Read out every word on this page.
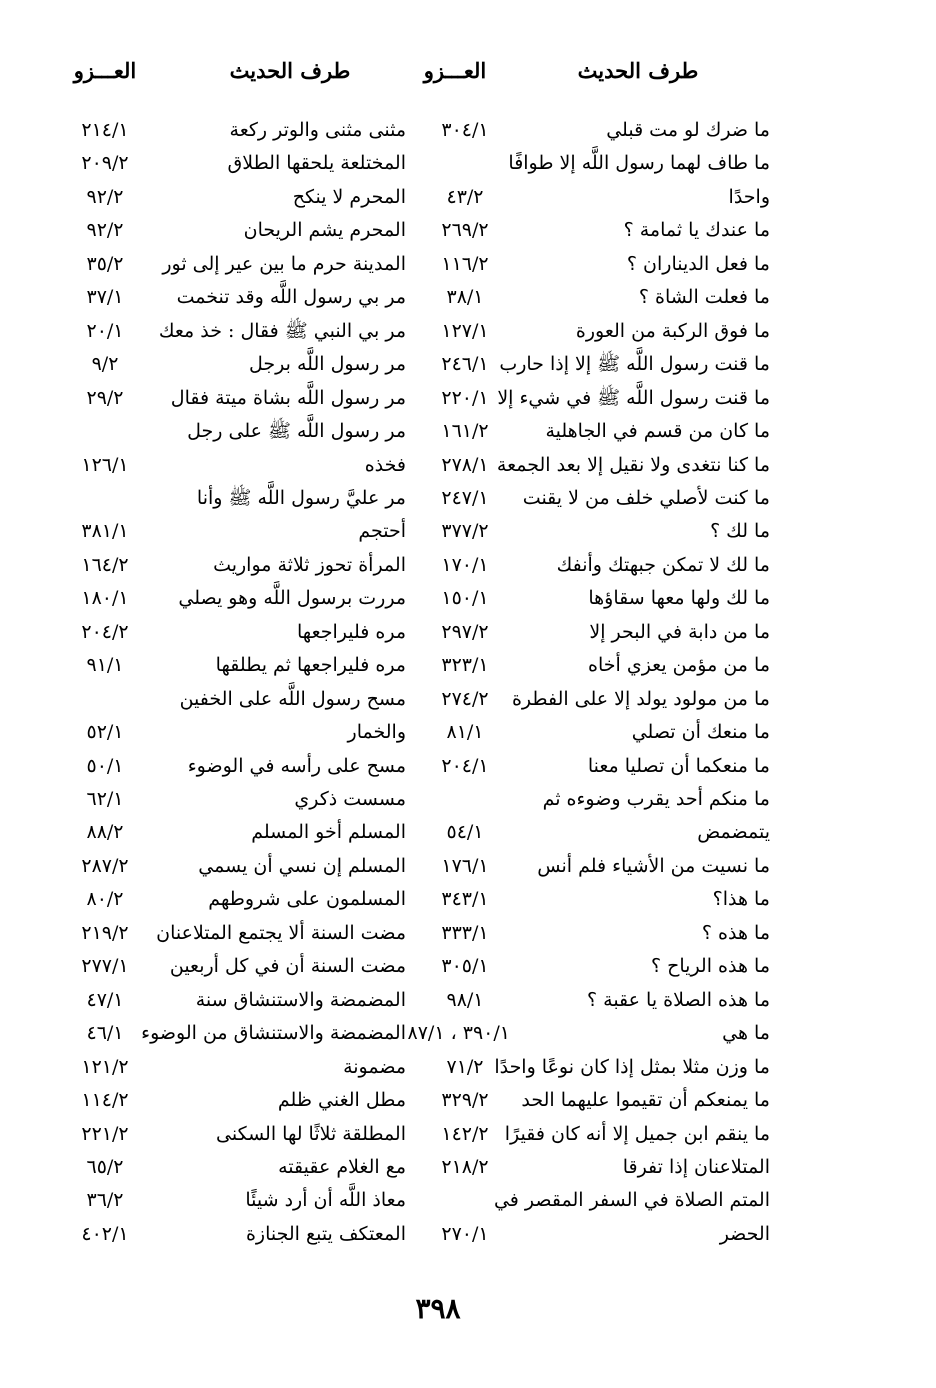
طرف الحديث
العـــزو
طرف الحديث
العـــزو
ما ضرك لو مت قبلي
٣٠٤/١
مثنى مثنى والوتر ركعة
٢١٤/١
ما طاف لهما رسول اللَّه إلا طوافًا
المختلعة يلحقها الطلاق
٢٠٩/٢
واحدًا
٤٣/٢
المحرم لا ينكح
٩٢/٢
ما عندك يا ثمامة ؟
٢٦٩/٢
المحرم يشم الريحان
٩٢/٢
ما فعل الديناران ؟
١١٦/٢
المدينة حرم ما بين عير إلى ثور
٣٥/٢
ما فعلت الشاة ؟
٣٨/١
مر بي رسول اللَّه وقد تنخمت
٣٧/١
ما فوق الركبة من العورة
١٢٧/١
مر بي النبي ﷺ فقال : خذ معك
٢٠/١
ما قنت رسول اللَّه ﷺ إلا إذا حارب
٢٤٦/١
مر رسول اللَّه برجل
٩/٢
ما قنت رسول اللَّه ﷺ في شيء إلا
٢٢٠/١
مر رسول اللَّه بشاة ميتة فقال
٢٩/٢
ما كان من قسم في الجاهلية
١٦١/٢
مر رسول اللَّه ﷺ على رجل
ما كنا نتغدى ولا نقيل إلا بعد الجمعة
٢٧٨/١
فخذه
١٢٦/١
ما كنت لأصلي خلف من لا يقنت
٢٤٧/١
مر عليَّ رسول اللَّه ﷺ وأنا
ما لك ؟
٣٧٧/٢
أحتجم
٣٨١/١
ما لك لا تمكن جبهتك وأنفك
١٧٠/١
المرأة تحوز ثلاثة مواريث
١٦٤/٢
ما لك ولها معها سقاؤها
١٥٠/١
مررت برسول اللَّه وهو يصلي
١٨٠/١
ما من دابة في البحر إلا
٢٩٧/٢
مره فليراجعها
٢٠٤/٢
ما من مؤمن يعزي أخاه
٣٢٣/١
مره فليراجعها ثم يطلقها
٩١/١
ما من مولود يولد إلا على الفطرة
٢٧٤/٢
مسح رسول اللَّه على الخفين
ما منعك أن تصلي
٨١/١
والخمار
٥٢/١
ما منعكما أن تصليا معنا
٢٠٤/١
مسح على رأسه في الوضوء
٥٠/١
ما منكم أحد يقرب وضوءه ثم
مسست ذكري
٦٢/١
يتمضمض
٥٤/١
المسلم أخو المسلم
٨٨/٢
ما نسيت من الأشياء فلم أنس
١٧٦/١
المسلم إن نسي أن يسمي
٢٨٧/٢
ما هذا؟
٣٤٣/١
المسلمون على شروطهم
٨٠/٢
ما هذه ؟
٣٣٣/١
مضت السنة ألا يجتمع المتلاعنان
٢١٩/٢
ما هذه الرياح ؟
٣٠٥/١
مضت السنة أن في كل أربعين
٢٧٧/١
ما هذه الصلاة يا عقبة ؟
٩٨/١
المضمضة والاستنشاق سنة
٤٧/١
ما هي
٣٩٠/١ ، ٨٧/١
المضمضة والاستنشاق من الوضوء
٤٦/١
ما وزن مثلا بمثل إذا كان نوعًا واحدًا
٧١/٢
مضمونة
١٢١/٢
ما يمنعكم أن تقيموا عليهما الحد
٣٢٩/٢
مطل الغني ظلم
١١٤/٢
ما ينقم ابن جميل إلا أنه كان فقيرًا
١٤٢/٢
المطلقة ثلاثًا لها السكنى
٢٢١/٢
المتلاعنان إذا تفرقا
٢١٨/٢
مع الغلام عقيقته
٦٥/٢
المتم الصلاة في السفر المقصر في
معاذ اللَّه أن أرد شيئًا
٣٦/٢
الحضر
٢٧٠/١
المعتكف يتبع الجنازة
٤٠٢/١
٣٩٨
